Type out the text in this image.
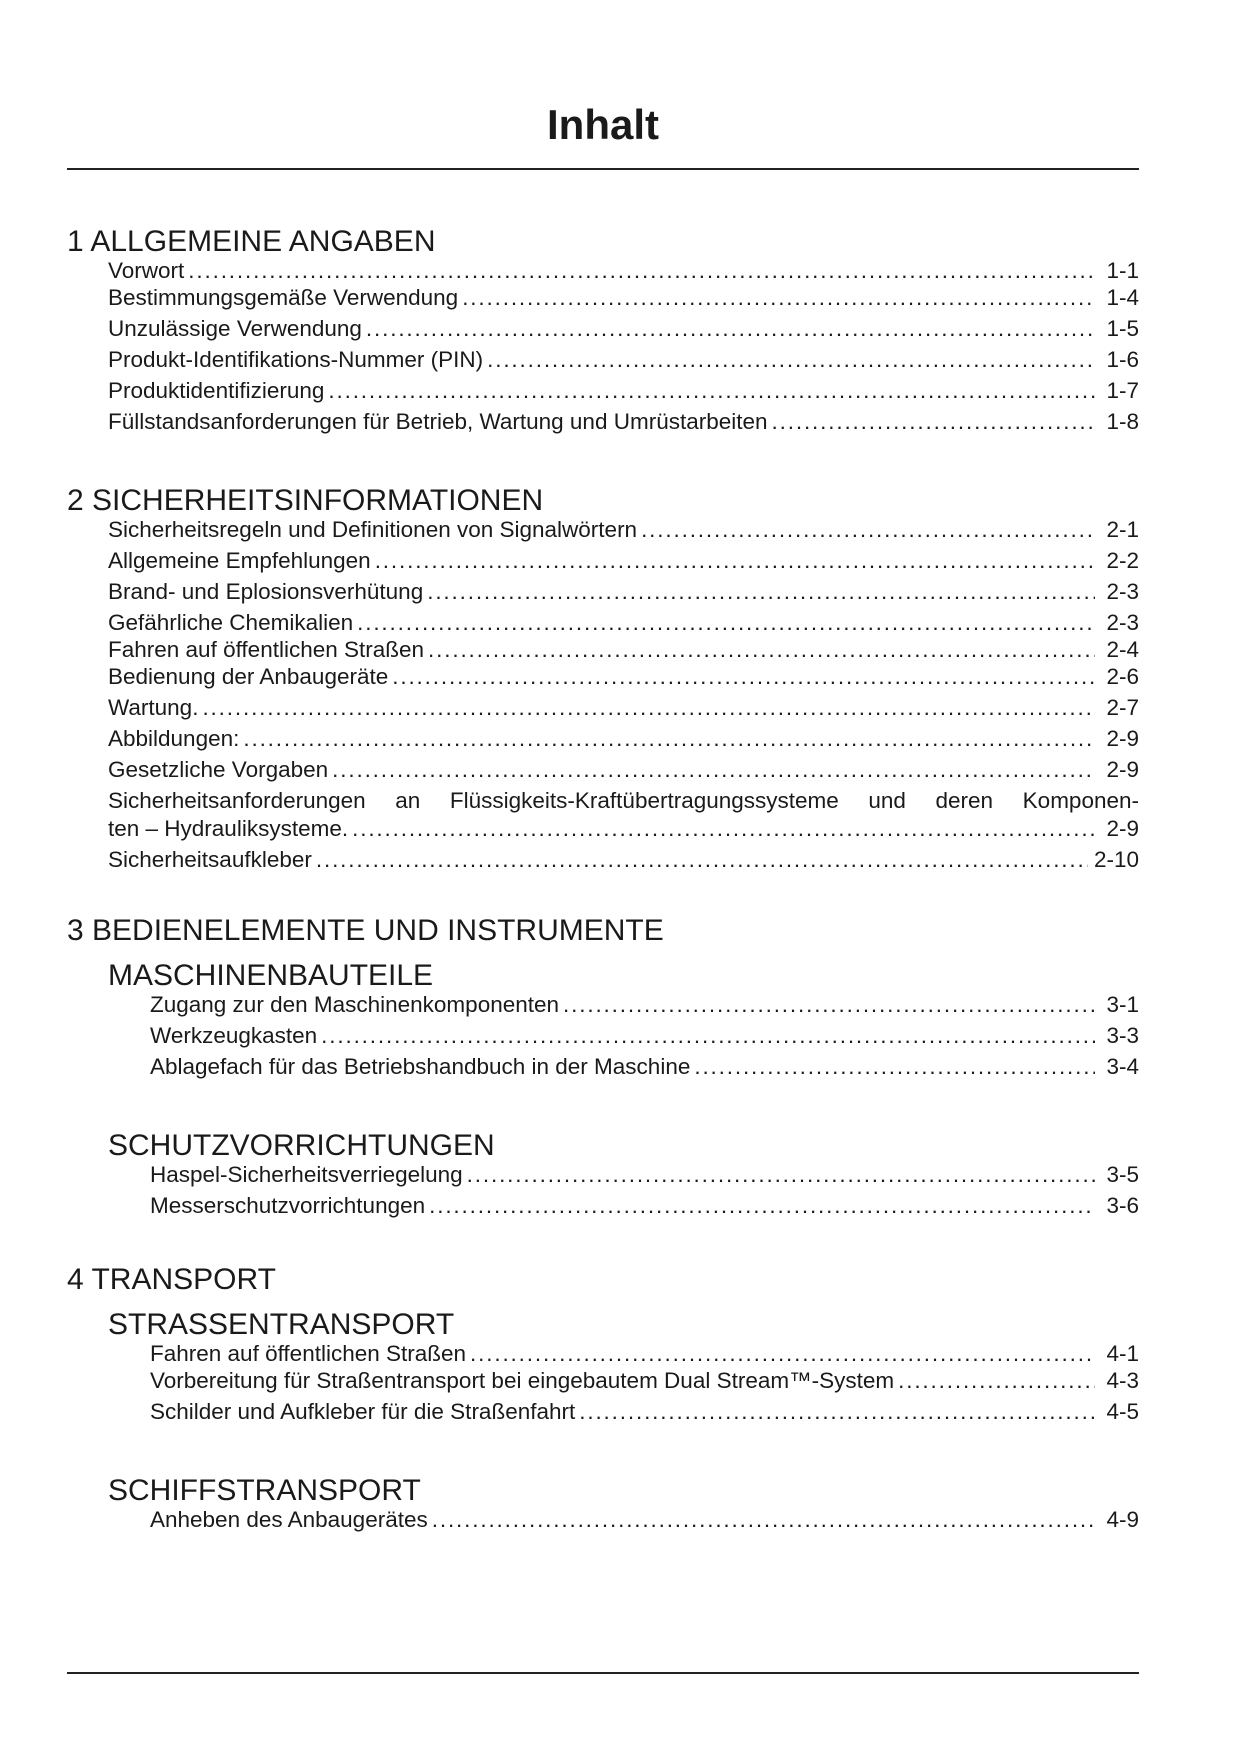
Inhalt
1 ALLGEMEINE ANGABEN
Vorwort . . .	1-1
Bestimmungsgemäße Verwendung . . .	1-4
Unzulässige Verwendung . . .	1-5
Produkt-Identifikations-Nummer (PIN) . . .	1-6
Produktidentifizierung . . .	1-7
Füllstandsanforderungen für Betrieb, Wartung und Umrüstarbeiten . . .	1-8
2 SICHERHEITSINFORMATIONEN
Sicherheitsregeln und Definitionen von Signalwörtern . . .	2-1
Allgemeine Empfehlungen . . .	2-2
Brand- und Eplosionsverhütung . . .	2-3
Gefährliche Chemikalien . . .	2-3
Fahren auf öffentlichen Straßen . . .	2-4
Bedienung der Anbaugeräte . . .	2-6
Wartung. . . .	2-7
Abbildungen: . . .	2-9
Gesetzliche Vorgaben . . .	2-9
Sicherheitsanforderungen an Flüssigkeits-Kraftübertragungssysteme und deren Komponen-
ten – Hydrauliksysteme. . . .	2-9
Sicherheitsaufkleber . . .	2-10
3 BEDIENELEMENTE UND INSTRUMENTE
MASCHINENBAUTEILE
Zugang zur den Maschinenkomponenten . . .	3-1
Werkzeugkasten . . .	3-3
Ablagefach für das Betriebshandbuch in der Maschine . . .	3-4
SCHUTZVORRICHTUNGEN
Haspel-Sicherheitsverriegelung . . .	3-5
Messerschutzvorrichtungen . . .	3-6
4 TRANSPORT
STRASSENTRANSPORT
Fahren auf öffentlichen Straßen . . .	4-1
Vorbereitung für Straßentransport bei eingebautem Dual Stream™-System . . .	4-3
Schilder und Aufkleber für die Straßenfahrt . . .	4-5
SCHIFFSTRANSPORT
Anheben des Anbaugerätes . . .	4-9
